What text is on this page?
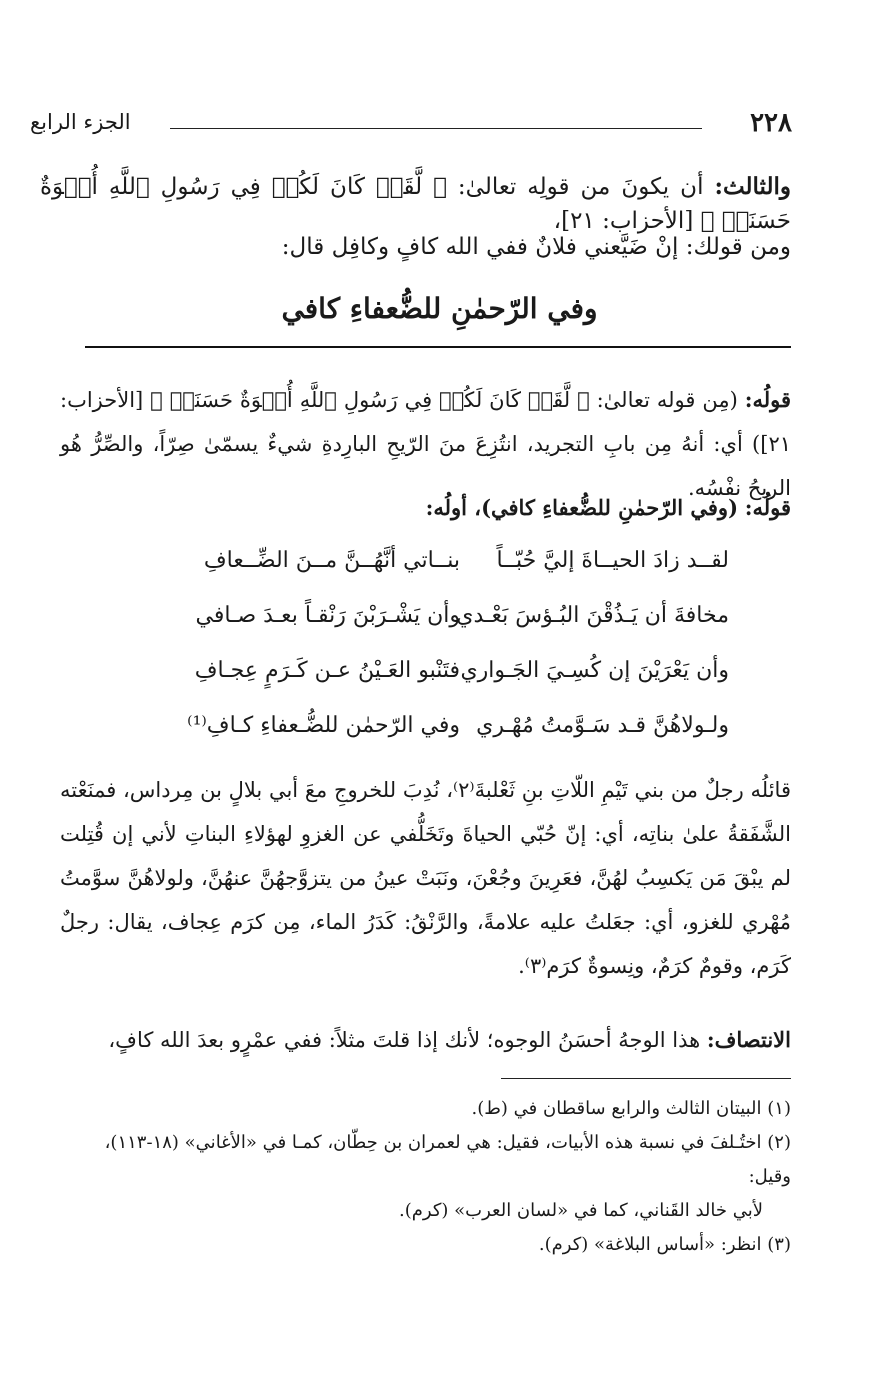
٢٢٨
الجزء الرابع
والثالث: أن يكونَ من قولِه تعالىٰ: ﴿ لَّقَدۡ كَانَ لَكُمۡ فِي رَسُولِ ٱللَّهِ أُسۡوَةٌ حَسَنَةٞ ﴾ [الأحزاب: ٢١]،
ومن قولك: إنْ ضَيَّعني فلانٌ ففي الله كافٍ وكافِل قال:
وفي الرّحمٰنِ للضُّعفاءِ كافي
قولُه: (مِن قوله تعالىٰ: ﴿ لَّقَدۡ كَانَ لَكُمۡ فِي رَسُولِ ٱللَّهِ أُسۡوَةٌ حَسَنَةٞ ﴾ [الأحزاب: ٢١]) أي: أنهُ مِن بابِ التجريد، انتُزِعَ منَ الرّيحِ البارِدةِ شيءٌ يسمّىٰ صِرّاً، والصِّرُّ هُو الريحُ نفْسُه.
قولُه: (وفي الرّحمٰنِ للضُّعفاءِ كافي)، أولُه:
لقــد زادَ الحيــاةَ إليَّ حُبّــاً
بنــاتي أنَّهُــنَّ مــنَ الضِّــعافِ
مخافةَ أن يَـذُقْنَ البُـؤسَ بَعْـدي
وأن يَشْـرَبْنَ رَنْقـاً بعـدَ صـافي
وأن يَعْرَيْنَ إن كُسِـيَ الجَـواري
فتَنْبو العَـيْنُ عـن كَـرَمٍ عِجـافِ
ولـولاهُنَّ قـد سَـوَّمتُ مُهْـري
وفي الرّحمٰن للضُّـعفاءِ كـافِ⁽¹⁾
قائلُه رجلٌ من بني تَيْمِ اللّاتِ بنِ ثَعْلبةَ⁽٢⁾، نُدِبَ للخروجِ معَ أبي بلالٍ بن مِرداس، فمنَعْته الشَّفَقةُ علىٰ بناتِه، أي: إنّ حُبّي الحياةَ وتَخَلُّفي عن الغزوِ لهؤلاءِ البناتِ لأني إن قُتِلت لم يبْقَ مَن يَكسِبُ لهُنَّ، فعَرِينَ وجُعْنَ، ونَبَتْ عينُ من يتزوَّجهُنَّ عنهُنَّ، ولولاهُنَّ سوَّمتُ مُهْري للغزو، أي: جعَلتُ عليه علامةً، والرَّنْقُ: كَدَرُ الماء، مِن كرَم عِجاف، يقال: رجلٌ كَرَم، وقومٌ كرَمٌ، ونِسوةٌ كرَم⁽٣⁾.
الانتصاف: هذا الوجهُ أحسَنُ الوجوه؛ لأنك إذا قلتَ مثلاً: ففي عمْرٍو بعدَ الله كافٍ،
(١) البيتان الثالث والرابع ساقطان في (ط).
(٢) اختُـلفَ في نسبة هذه الأبيات، فقيل: هي لعمران بن حِطّان، كمـا في «الأغاني» (١٨-١١٣)، وقيل:
لأبي خالد القَناني، كما في «لسان العرب» (كرم).
(٣) انظر: «أساس البلاغة» (كرم).
